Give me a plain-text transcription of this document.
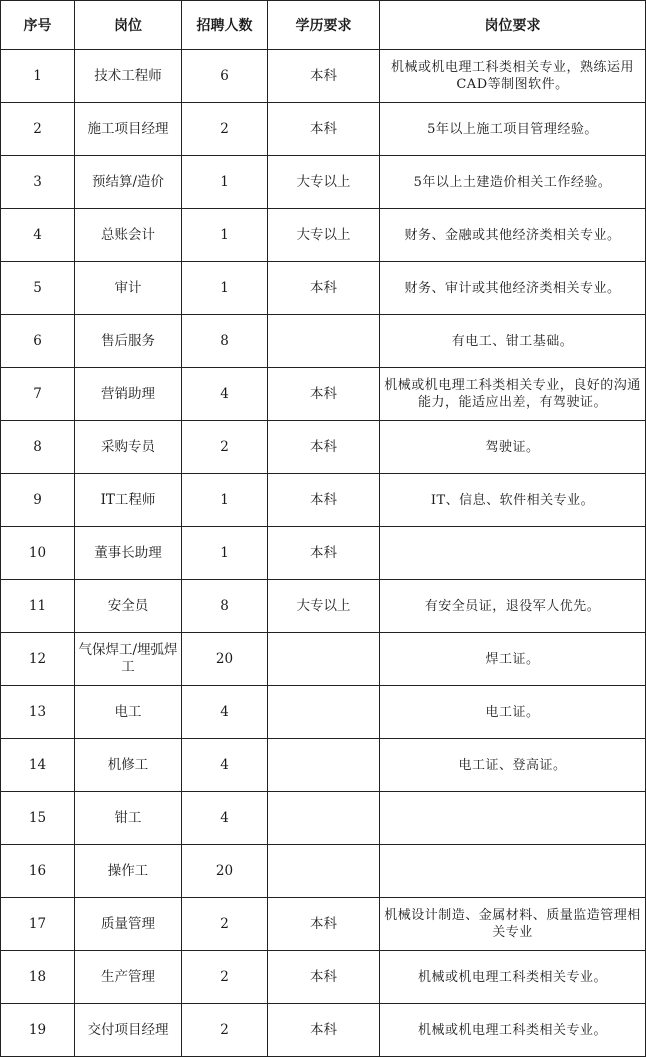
序号	岗位	招聘人数	学历要求	岗位要求

1	技术工程师	6	本科	机械或机电理工科类相关专业，熟练运用CAD等制图软件。

2	施工项目经理	2	本科	5年以上施工项目管理经验。

3	预结算/造价	1	大专以上	5年以上土建造价相关工作经验。

4	总账会计	1	大专以上	财务、金融或其他经济类相关专业。

5	审计	1	本科	财务、审计或其他经济类相关专业。

6	售后服务	8		有电工、钳工基础。

7	营销助理	4	本科	机械或机电理工科类相关专业，良好的沟通能力，能适应出差，有驾驶证。

8	采购专员	2	本科	驾驶证。

9	IT工程师	1	本科	IT、信息、软件相关专业。

10	董事长助理	1	本科	

11	安全员	8	大专以上	有安全员证，退役军人优先。

12	气保焊工/埋弧焊工	20		焊工证。

13	电工	4		电工证。

14	机修工	4		电工证、登高证。

15	钳工	4		

16	操作工	20		

17	质量管理	2	本科	机械设计制造、金属材料、质量监造管理相关专业

18	生产管理	2	本科	机械或机电理工科类相关专业。

19	交付项目经理	2	本科	机械或机电理工科类相关专业。
